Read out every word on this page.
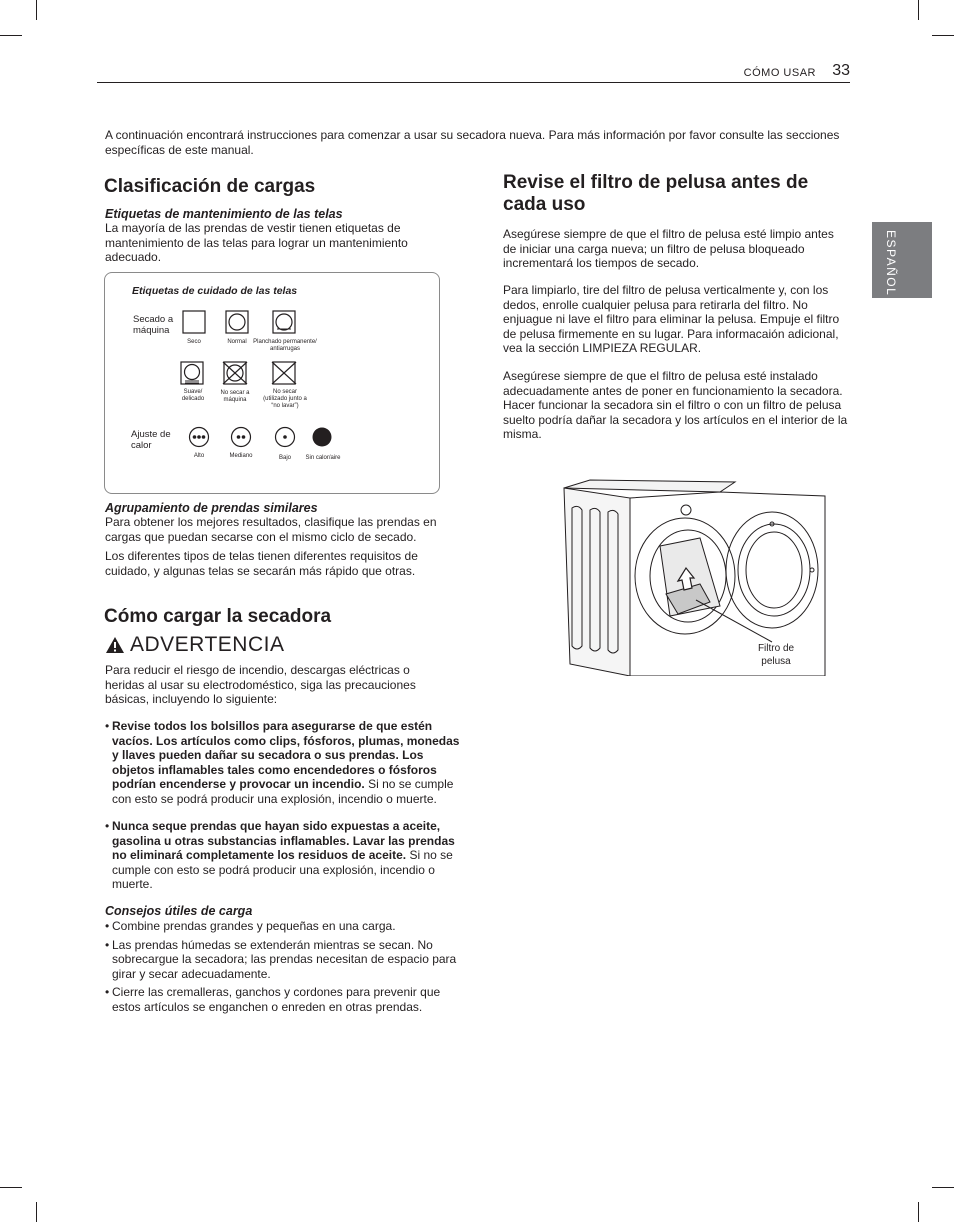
CÓMO USAR 33
ESPAÑOL

A continuación encontrará instrucciones para comenzar a usar su secadora nueva. Para más información por favor consulte las secciones específicas de este manual.

Clasificación de cargas
Etiquetas de mantenimiento de las telas

La mayoría de las prendas de vestir tienen etiquetas de mantenimiento de las telas para lograr un mantenimiento adecuado.

Etiquetas de cuidado de las telas
Secado a máquina
Seco	Normal	Planchado permanente/ antiarrugas
Suave/ delicado
No secar a máquina
No secar (utilizado junto a “no lavar”)
Ajuste de calor
Alto	Mediano	Bajo	Sin calor/aire
Agrupamiento de prendas similares

Para obtener los mejores resultados, clasifique las prendas en cargas que puedan secarse con el mismo ciclo de secado.

Los diferentes tipos de telas tienen diferentes requisitos de cuidado, y algunas telas se secarán más rápido que otras.

Cómo cargar la secadora
ADVERTENCIA

Para reducir el riesgo de incendio, descargas eléctricas o heridas al usar su electrodoméstico, siga las precauciones básicas, incluyendo lo siguiente:

• Revise todos los bolsillos para asegurarse de que estén vacíos. Los artículos como clips, fósforos, plumas, monedas y llaves pueden dañar su secadora o sus prendas. Los objetos inflamables tales como encendedores o fósforos podrían encenderse y provocar un incendio. Si no se cumple con esto se podrá producir una explosión, incendio o muerte.
• Nunca seque prendas que hayan sido expuestas a aceite, gasolina u otras substancias inflamables. Lavar las prendas no eliminará completamente los residuos de aceite. Si no se cumple con esto se podrá producir una explosión, incendio o muerte.
Consejos útiles de carga
• Combine prendas grandes y pequeñas en una carga.
• Las prendas húmedas se extenderán mientras se secan. No sobrecargue la secadora; las prendas necesitan de espacio para girar y secar adecuadamente.
• Cierre las cremalleras, ganchos y cordones para prevenir que estos artículos se enganchen o enreden en otras prendas.
Revise el filtro de pelusa antes de cada uso

Asegúrese siempre de que el filtro de pelusa esté limpio antes de iniciar una carga nueva; un filtro de pelusa bloqueado incrementará los tiempos de secado.

Para limpiarlo, tire del filtro de pelusa verticalmente y, con los dedos, enrolle cualquier pelusa para retirarla del filtro. No enjuague ni lave el filtro para eliminar la pelusa. Empuje el filtro de pelusa firmemente en su lugar. Para informacaión adicional, vea la sección LIMPIEZA REGULAR.

Asegúrese siempre de que el filtro de pelusa esté instalado adecuadamente antes de poner en funcionamiento la secadora. Hacer funcionar la secadora sin el filtro o con un filtro de pelusa suelto podría dañar la secadora y los artículos en el interior de la misma.

Filtro de pelusa
